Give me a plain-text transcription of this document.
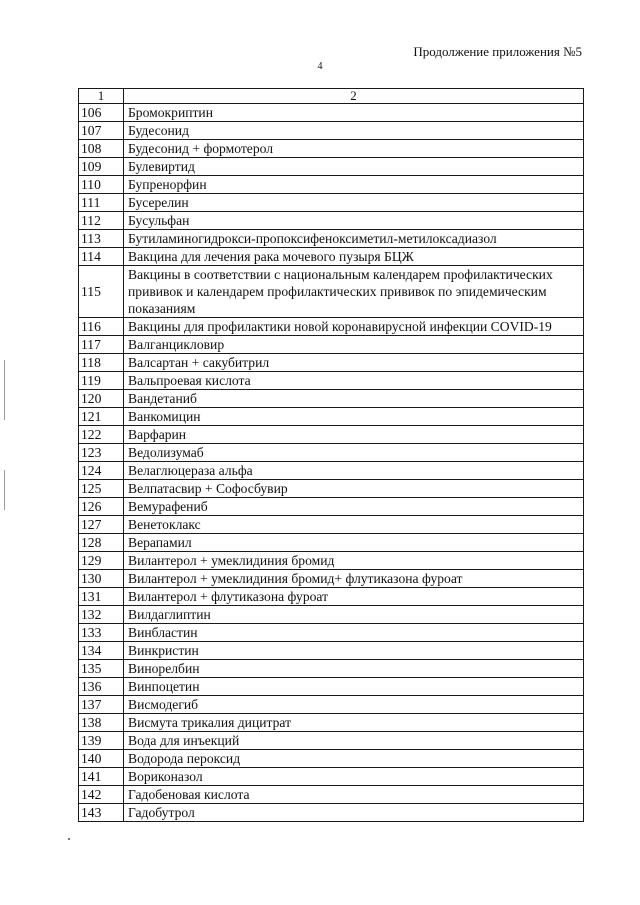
Продолжение приложения №5
4
1	2
106	Бромокриптин
107	Будесонид
108	Будесонид + формотерол
109	Булевиртид
110	Бупренорфин
111	Бусерелин
112	Бусульфан
113	Бутиламиногидрокси-пропоксифеноксиметил-метилоксадиазол
114	Вакцина для лечения рака мочевого пузыря БЦЖ
115	Вакцины в соответствии с национальным календарем профилактических прививок и календарем профилактических прививок по эпидемическим показаниям
116	Вакцины для профилактики новой коронавирусной инфекции COVID-19
117	Валганцикловир
118	Валсартан + сакубитрил
119	Вальпроевая кислота
120	Вандетаниб
121	Ванкомицин
122	Варфарин
123	Ведолизумаб
124	Велаглюцераза альфа
125	Велпатасвир + Софосбувир
126	Вемурафениб
127	Венетоклакс
128	Верапамил
129	Вилантерол + умеклидиния бромид
130	Вилантерол + умеклидиния бромид+ флутиказона фуроат
131	Вилантерол + флутиказона фуроат
132	Вилдаглиптин
133	Винбластин
134	Винкристин
135	Винорелбин
136	Винпоцетин
137	Висмодегиб
138	Висмута трикалия дицитрат
139	Вода для инъекций
140	Водорода пероксид
141	Вориконазол
142	Гадобеновая кислота
143	Гадобутрол
